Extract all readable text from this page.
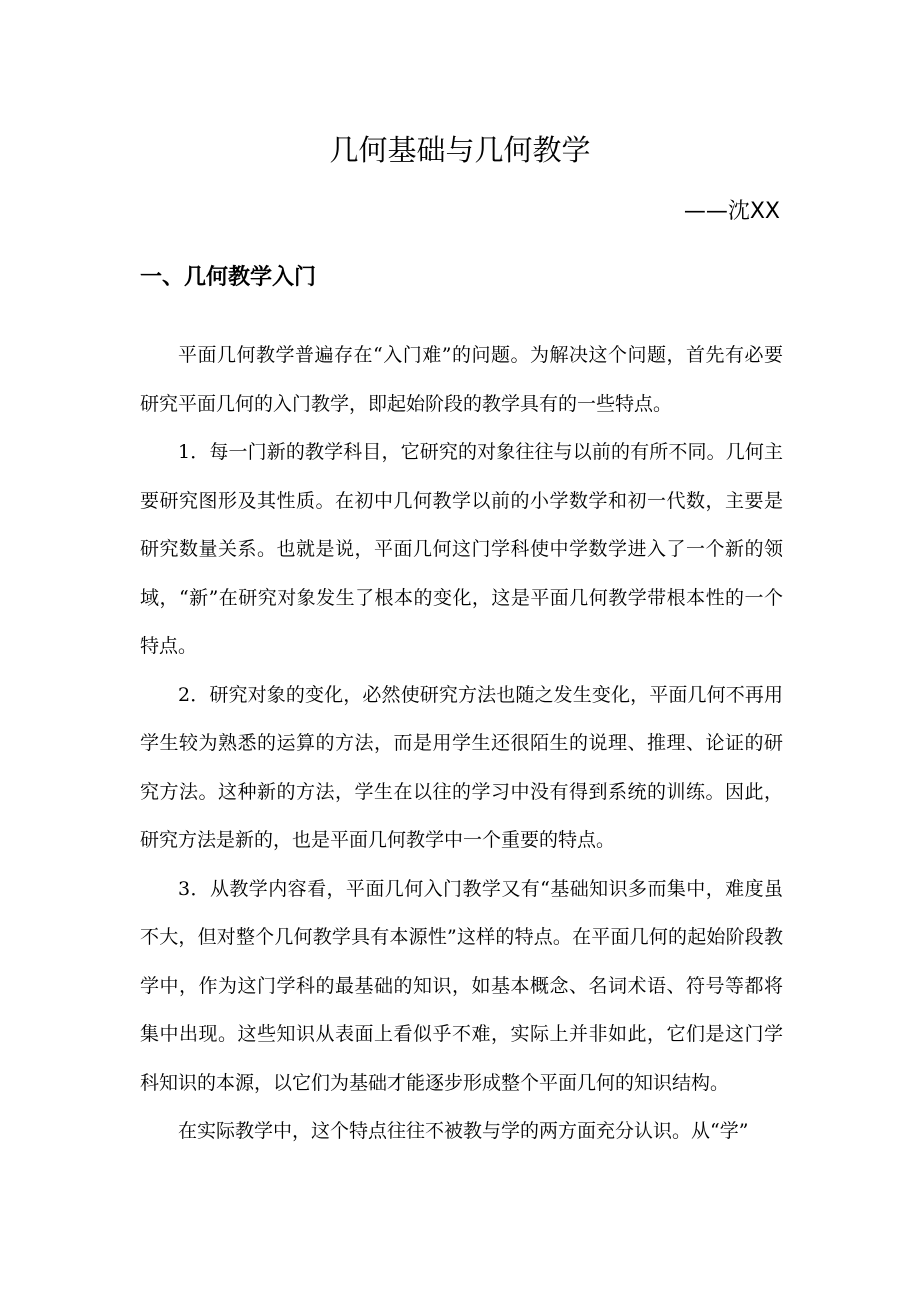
几何基础与几何教学
——沈XX
一、几何教学入门

平面几何教学普遍存在“入门难”的问题。为解决这个问题，首先有必要研究平面几何的入门教学，即起始阶段的教学具有的一些特点。

1．每一门新的教学科目，它研究的对象往往与以前的有所不同。几何主要研究图形及其性质。在初中几何教学以前的小学数学和初一代数，主要是研究数量关系。也就是说，平面几何这门学科使中学数学进入了一个新的领域，“新”在研究对象发生了根本的变化，这是平面几何教学带根本性的一个特点。

2．研究对象的变化，必然使研究方法也随之发生变化，平面几何不再用学生较为熟悉的运算的方法，而是用学生还很陌生的说理、推理、论证的研究方法。这种新的方法，学生在以往的学习中没有得到系统的训练。因此，研究方法是新的，也是平面几何教学中一个重要的特点。

3．从教学内容看，平面几何入门教学又有“基础知识多而集中，难度虽不大，但对整个几何教学具有本源性”这样的特点。在平面几何的起始阶段教学中，作为这门学科的最基础的知识，如基本概念、名词术语、符号等都将集中出现。这些知识从表面上看似乎不难，实际上并非如此，它们是这门学科知识的本源，以它们为基础才能逐步形成整个平面几何的知识结构。

在实际教学中，这个特点往往不被教与学的两方面充分认识。从“学”
